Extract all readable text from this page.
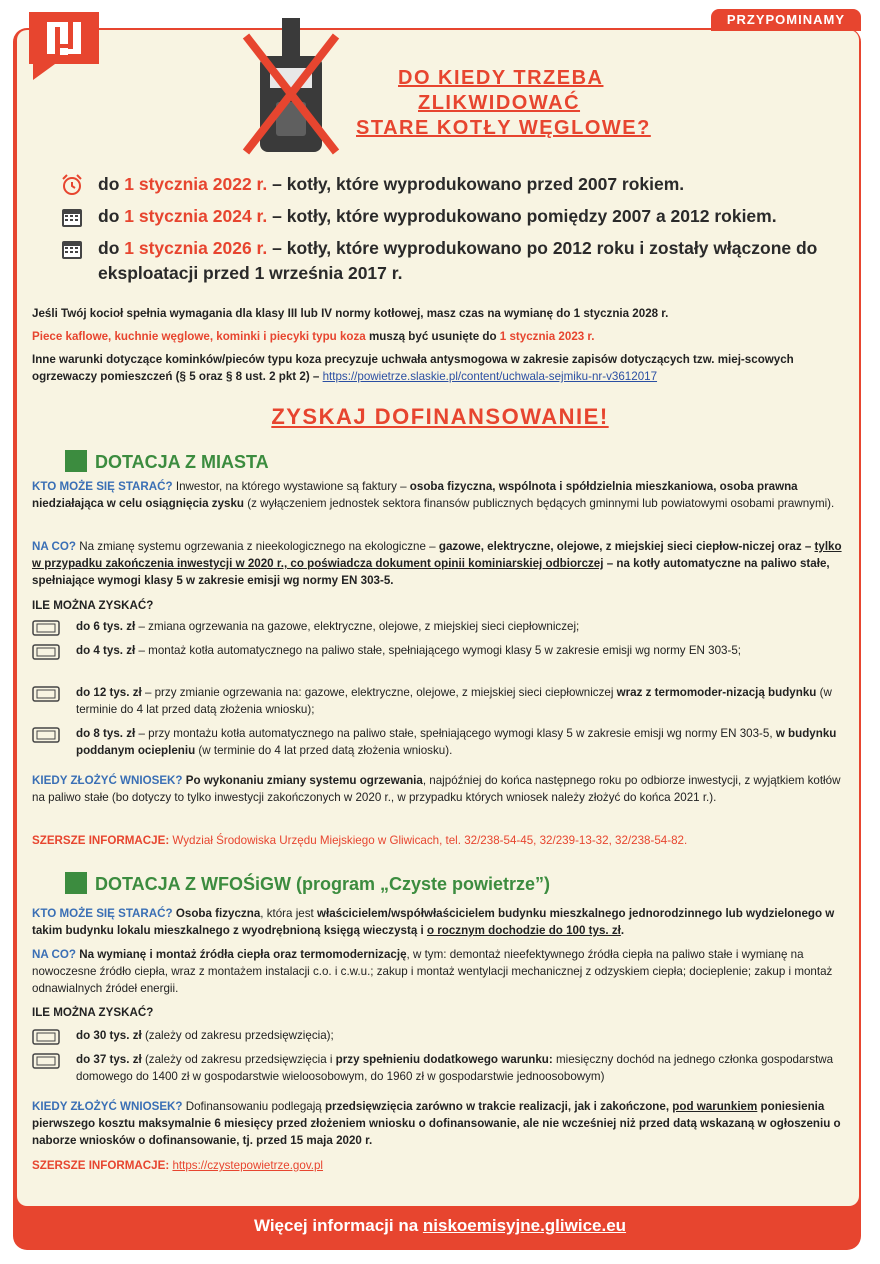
PRZYPOMINAMY
DO KIEDY TRZEBA
ZLIKWIDOWAĆ
STARE KOTŁY WĘGLOWE?
do 1 stycznia 2022 r. – kotły, które wyprodukowano przed 2007 rokiem.
do 1 stycznia 2024 r. – kotły, które wyprodukowano pomiędzy 2007 a 2012 rokiem.
do 1 stycznia 2026 r. – kotły, które wyprodukowano po 2012 roku i zostały włączone do eksploatacji przed 1 września 2017 r.
Jeśli Twój kocioł spełnia wymagania dla klasy III lub IV normy kotłowej, masz czas na wymianę do 1 stycznia 2028 r.
Piece kaflowe, kuchnie węglowe, kominki i piecyki typu koza muszą być usunięte do 1 stycznia 2023 r.
Inne warunki dotyczące kominków/pieców typu koza precyzuje uchwała antysmogowa w zakresie zapisów dotyczących tzw. miej-scowych ogrzewaczy pomieszczeń (§ 5 oraz § 8 ust. 2 pkt 2) – https://powietrze.slaskie.pl/content/uchwala-sejmiku-nr-v3612017
ZYSKAJ DOFINANSOWANIE!
DOTACJA Z MIASTA
KTO MOŻE SIĘ STARAĆ? Inwestor, na którego wystawione są faktury – osoba fizyczna, wspólnota i spółdzielnia mieszkaniowa, osoba prawna niedziałająca w celu osiągnięcia zysku (z wyłączeniem jednostek sektora finansów publicznych będących gminnymi lub powiatowymi osobami prawnymi).
NA CO? Na zmianę systemu ogrzewania z nieekologicznego na ekologiczne – gazowe, elektryczne, olejowe, z miejskiej sieci ciepłow-niczej oraz – tylko w przypadku zakończenia inwestycji w 2020 r., co poświadcza dokument opinii kominiarskiej odbiorczej – na kotły automatyczne na paliwo stałe, spełniające wymogi klasy 5 w zakresie emisji wg normy EN 303-5.
ILE MOŻNA ZYSKAĆ?
do 6 tys. zł – zmiana ogrzewania na gazowe, elektryczne, olejowe, z miejskiej sieci ciepłowniczej;
do 4 tys. zł – montaż kotła automatycznego na paliwo stałe, spełniającego wymogi klasy 5 w zakresie emisji wg normy EN 303-5;
do 12 tys. zł – przy zmianie ogrzewania na: gazowe, elektryczne, olejowe, z miejskiej sieci ciepłowniczej wraz z termomoder-nizacją budynku (w terminie do 4 lat przed datą złożenia wniosku);
do 8 tys. zł – przy montażu kotła automatycznego na paliwo stałe, spełniającego wymogi klasy 5 w zakresie emisji wg normy EN 303-5, w budynku poddanym ociepleniu (w terminie do 4 lat przed datą złożenia wniosku).
KIEDY ZŁOŻYĆ WNIOSEK? Po wykonaniu zmiany systemu ogrzewania, najpóźniej do końca następnego roku po odbiorze inwestycji, z wyjątkiem kotłów na paliwo stałe (bo dotyczy to tylko inwestycji zakończonych w 2020 r., w przypadku których wniosek należy złożyć do końca 2021 r.).
SZERSZE INFORMACJE: Wydział Środowiska Urzędu Miejskiego w Gliwicach, tel. 32/238-54-45, 32/239-13-32, 32/238-54-82.
DOTACJA Z WFOŚiGW (program „Czyste powietrze”)
KTO MOŻE SIĘ STARAĆ? Osoba fizyczna, która jest właścicielem/współwłaścicielem budynku mieszkalnego jednorodzinnego lub wydzielonego w takim budynku lokalu mieszkalnego z wyodrębnioną księgą wieczystą i o rocznym dochodzie do 100 tys. zł.
NA CO? Na wymianę i montaż źródła ciepła oraz termomodernizację, w tym: demontaż nieefektywnego źródła ciepła na paliwo stałe i wymianę na nowoczesne źródło ciepła, wraz z montażem instalacji c.o. i c.w.u.; zakup i montaż wentylacji mechanicznej z odzyskiem ciepła; docieplenie; zakup i montaż odnawialnych źródeł energii.
ILE MOŻNA ZYSKAĆ?
do 30 tys. zł (zależy od zakresu przedsięwzięcia);
do 37 tys. zł (zależy od zakresu przedsięwzięcia i przy spełnieniu dodatkowego warunku: miesięczny dochód na jednego członka gospodarstwa domowego do 1400 zł w gospodarstwie wieloosobowym, do 1960 zł w gospodarstwie jednoosobowym)
KIEDY ZŁOŻYĆ WNIOSEK? Dofinansowaniu podlegają przedsięwzięcia zarówno w trakcie realizacji, jak i zakończone, pod warunkiem poniesienia pierwszego kosztu maksymalnie 6 miesięcy przed złożeniem wniosku o dofinansowanie, ale nie wcześniej niż przed datą wskazaną w ogłoszeniu o naborze wniosków o dofinansowanie, tj. przed 15 maja 2020 r.
SZERSZE INFORMACJE: https://czystepowietrze.gov.pl
Więcej informacji na niskoemisyjne.gliwice.eu
